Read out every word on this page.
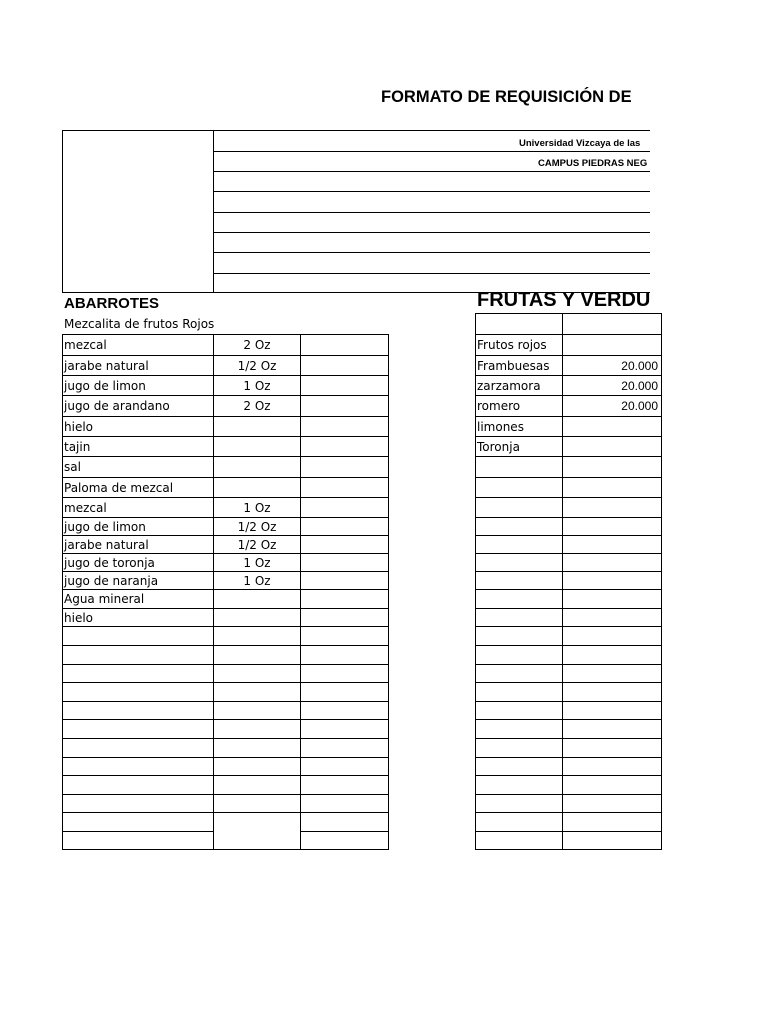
FORMATO DE REQUISICIÓN DE
Universidad Vizcaya de las
CAMPUS PIEDRAS NEG
ABARROTES
Mezcalita de frutos Rojos
mezcal	2 Oz
jarabe natural	1/2 Oz
jugo de limon	1 Oz
jugo de arandano	2 Oz
hielo
tajin
sal
Paloma de mezcal
mezcal	1 Oz
jugo de limon	1/2 Oz
jarabe natural	1/2 Oz
jugo de toronja	1 Oz
jugo de naranja	1 Oz
Agua mineral
hielo
FRUTAS Y VERDU
Frutos rojos
Frambuesas	20.000
zarzamora	20.000
romero	20.000
limones
Toronja
